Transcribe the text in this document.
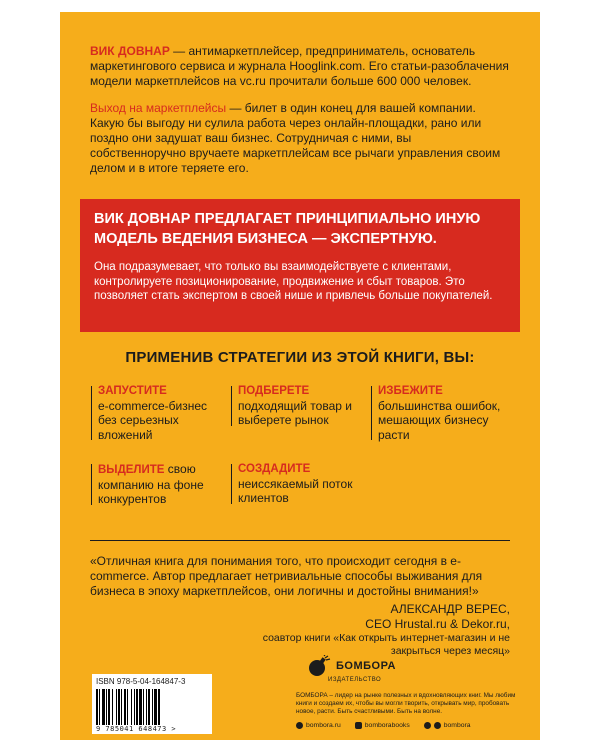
ВИК ДОВНАР — антимаркетплейсер, предприниматель, основатель маркетингового сервиса и журнала Hooglink.com. Его статьи-разоблачения модели маркетплейсов на vc.ru прочитали больше 600 000 человек.

Выход на маркетплейсы — билет в один конец для вашей компании. Какую бы выгоду ни сулила работа через онлайн-площадки, рано или поздно они задушат ваш бизнес. Сотрудничая с ними, вы собственноручно вручаете маркетплейсам все рычаги управления своим делом и в итоге теряете его.

ВИК ДОВНАР ПРЕДЛАГАЕТ ПРИНЦИПИАЛЬНО ИНУЮ МОДЕЛЬ ВЕДЕНИЯ БИЗНЕСА — ЭКСПЕРТНУЮ.
Она подразумевает, что только вы взаимодействуете с клиентами, контролируете позиционирование, продвижение и сбыт товаров. Это позволяет стать экспертом в своей нише и привлечь больше покупателей.
ПРИМЕНИВ СТРАТЕГИИ ИЗ ЭТОЙ КНИГИ, ВЫ:
ЗАПУСТИТЕ
e-commerce-бизнес без серьезных вложений
ПОДБЕРЕТЕ
подходящий товар и выберете рынок
ИЗБЕЖИТЕ
большинства ошибок, мешающих бизнесу расти
ВЫДЕЛИТЕ свою компанию на фоне конкурентов
СОЗДАДИТЕ
неиссякаемый поток клиентов
«Отличная книга для понимания того, что происходит сегодня в e-commerce. Автор предлагает нетривиальные способы выживания для бизнеса в эпоху маркетплейсов, они логичны и достойны внимания!»
АЛЕКСАНДР ВЕРЕС,
CEO Hrustal.ru & Dekor.ru,
соавтор книги «Как открыть интернет-магазин и не закрыться через месяц»
ISBN 978-5-04-164847-3
9 785041 648473 >
БОМБОРА
ИЗДАТЕЛЬСТВО
БОМБОРА – лидер на рынке полезных и вдохновляющих книг. Мы любим книги и создаем их, чтобы вы могли творить, открывать мир, пробовать новое, расти. Быть счастливыми. Быть на волне.
bombora.ru	bomborabooks	bombora
